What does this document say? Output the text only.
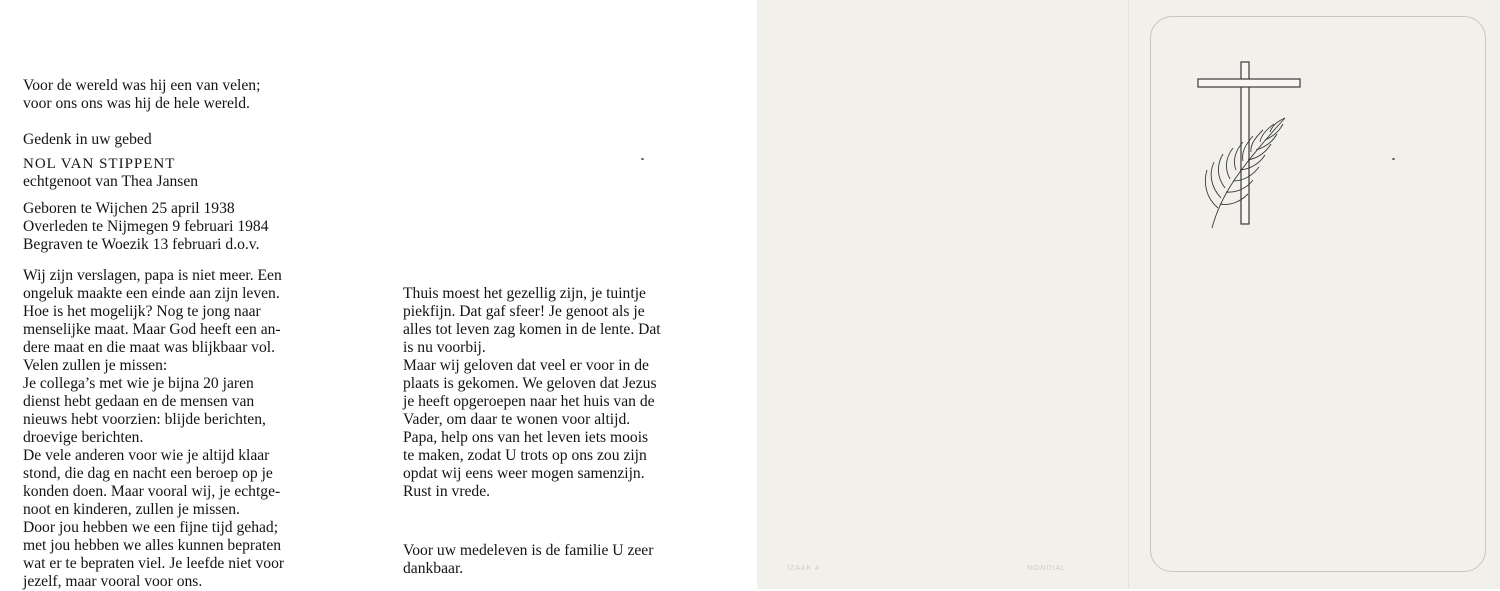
Voor de wereld was hij een van velen;
voor ons ons was hij de hele wereld.

Gedenk in uw gebed

NOL VAN STIPPENT

echtgenoot van Thea Jansen

Geboren te Wijchen 25 april 1938
Overleden te Nijmegen 9 februari 1984
Begraven te Woezik 13 februari d.o.v.

Wij zijn verslagen, papa is niet meer. Een
ongeluk maakte een einde aan zijn leven.
Hoe is het mogelijk? Nog te jong naar
menselijke maat. Maar God heeft een an-
dere maat en die maat was blijkbaar vol.
Velen zullen je missen:
Je collega’s met wie je bijna 20 jaren
dienst hebt gedaan en de mensen van
nieuws hebt voorzien: blijde berichten,
droevige berichten.
De vele anderen voor wie je altijd klaar
stond, die dag en nacht een beroep op je
konden doen. Maar vooral wij, je echtge-
noot en kinderen, zullen je missen.
Door jou hebben we een fijne tijd gehad;
met jou hebben we alles kunnen bepraten
wat er te bepraten viel. Je leefde niet voor
jezelf, maar vooral voor ons.

Thuis moest het gezellig zijn, je tuintje
piekfijn. Dat gaf sfeer! Je genoot als je
alles tot leven zag komen in de lente. Dat
is nu voorbij.
Maar wij geloven dat veel er voor in de
plaats is gekomen. We geloven dat Jezus
je heeft opgeroepen naar het huis van de
Vader, om daar te wonen voor altijd.
Papa, help ons van het leven iets moois
te maken, zodat U trots op ons zou zijn
opdat wij eens weer mogen samenzijn.
Rust in vrede.

Voor uw medeleven is de familie U zeer
dankbaar.	IZAAK 4	MONDIAL
